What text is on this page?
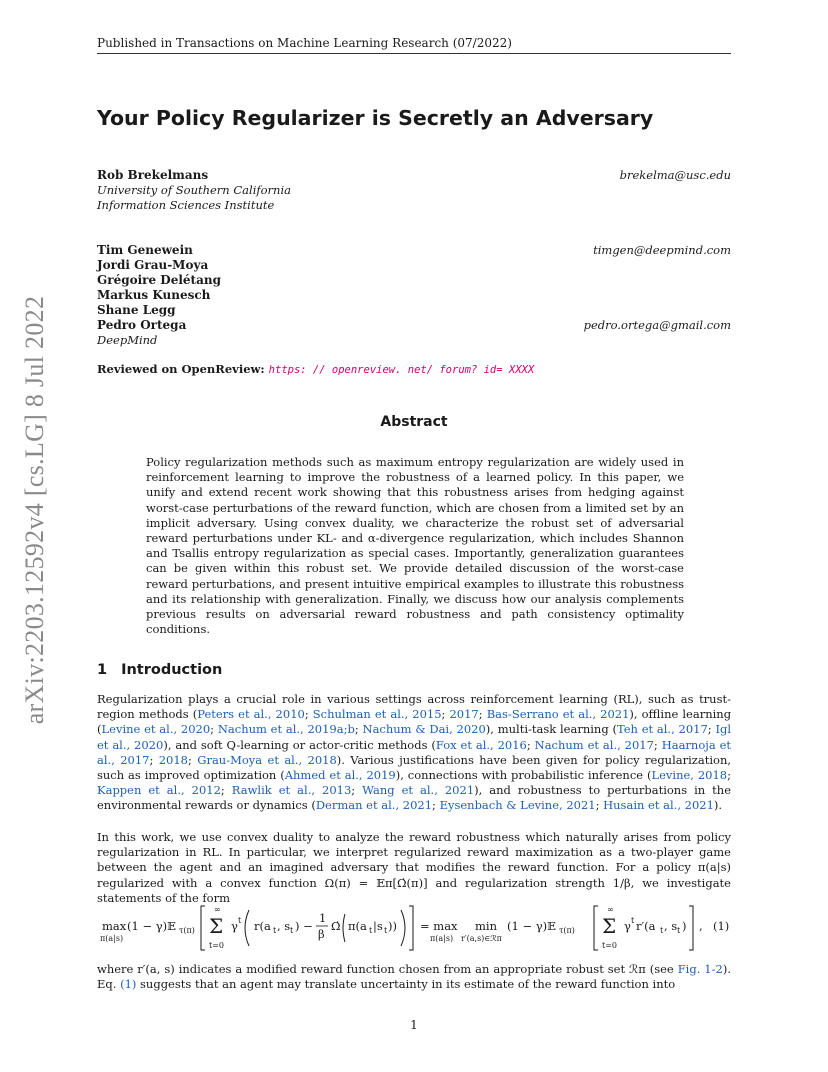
Published in Transactions on Machine Learning Research (07/2022)
arXiv:2203.12592v4 [cs.LG] 8 Jul 2022
Your Policy Regularizer is Secretly an Adversary
Rob Brekelmans
University of Southern California
Information Sciences Institute
brekelma@usc.edu
Tim Genewein
Jordi Grau-Moya
Grégoire Delétang
Markus Kunesch
Shane Legg
Pedro Ortega
DeepMind
timgen@deepmind.com
pedro.ortega@gmail.com
Reviewed on OpenReview: https: // openreview. net/ forum? id= XXXX
Abstract
Policy regularization methods such as maximum entropy regularization are widely used in reinforcement learning to improve the robustness of a learned policy. In this paper, we unify and extend recent work showing that this robustness arises from hedging against worst-case perturbations of the reward function, which are chosen from a limited set by an implicit adversary. Using convex duality, we characterize the robust set of adversarial reward perturbations under KL- and α-divergence regularization, which includes Shannon and Tsallis entropy regularization as special cases. Importantly, generalization guarantees can be given within this robust set. We provide detailed discussion of the worst-case reward perturbations, and present intuitive empirical examples to illustrate this robustness and its relationship with generalization. Finally, we discuss how our analysis complements previous results on adversarial reward robustness and path consistency optimality conditions.
1 Introduction
Regularization plays a crucial role in various settings across reinforcement learning (RL), such as trust-region methods (Peters et al., 2010; Schulman et al., 2015; 2017; Bas-Serrano et al., 2021), offline learning (Levine et al., 2020; Nachum et al., 2019a;b; Nachum & Dai, 2020), multi-task learning (Teh et al., 2017; Igl et al., 2020), and soft Q-learning or actor-critic methods (Fox et al., 2016; Nachum et al., 2017; Haarnoja et al., 2017; 2018; Grau-Moya et al., 2018). Various justifications have been given for policy regularization, such as improved optimization (Ahmed et al., 2019), connections with probabilistic inference (Levine, 2018; Kappen et al., 2012; Rawlik et al., 2013; Wang et al., 2021), and robustness to perturbations in the environmental rewards or dynamics (Derman et al., 2021; Eysenbach & Levine, 2021; Husain et al., 2021).
In this work, we use convex duality to analyze the reward robustness which naturally arises from policy regularization in RL. In particular, we interpret regularized reward maximization as a two-player game between the agent and an imagined adversary that modifies the reward function. For a policy π(a|s) regularized with a convex function Ω(π) = 𝔼π[Ω̇(π)] and regularization strength 1/β, we investigate statements of the form
max
π(a|s)
(1 − γ)𝔼 τ(π)
∞
Σ
t=0
γ t r(a t , s t ) −
1
β
Ω̇ π(a t |s t )) = max
π(a|s)
min
r′(a,s)∈ℛπ
(1 − γ)𝔼 τ(π)
∞
Σ
t=0
γ t r′(a t , s t ) , (1)
where r′(a, s) indicates a modified reward function chosen from an appropriate robust set ℛπ (see Fig. 1-2). Eq. (1) suggests that an agent may translate uncertainty in its estimate of the reward function into
1
